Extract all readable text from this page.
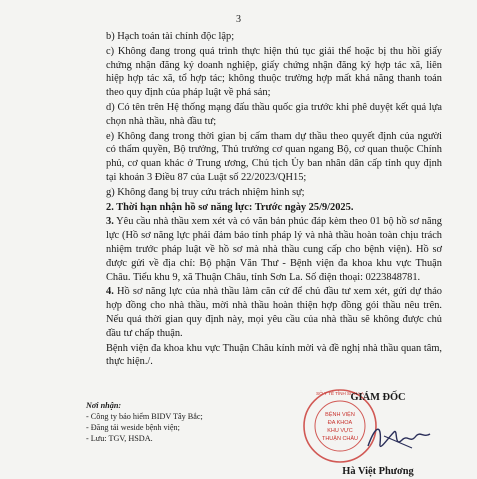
3

b) Hạch toán tài chính độc lập;

c) Không đang trong quá trình thực hiện thủ tục giải thể hoặc bị thu hồi giấy chứng nhận đăng ký doanh nghiệp, giấy chứng nhận đăng ký hợp tác xã, liên hiệp hợp tác xã, tổ hợp tác; không thuộc trường hợp mất khả năng thanh toán theo quy định của pháp luật về phá sản;

d) Có tên trên Hệ thống mạng đấu thầu quốc gia trước khi phê duyệt kết quả lựa chọn nhà thầu, nhà đầu tư;

e) Không đang trong thời gian bị cấm tham dự thầu theo quyết định của người có thẩm quyền, Bộ trưởng, Thủ trưởng cơ quan ngang Bộ, cơ quan thuộc Chính phủ, cơ quan khác ở Trung ương, Chủ tịch Ủy ban nhân dân cấp tỉnh quy định tại khoản 3 Điều 87 của Luật số 22/2023/QH15;

g) Không đang bị truy cứu trách nhiệm hình sự;

2. Thời hạn nhận hồ sơ năng lực: Trước ngày 25/9/2025.

3. Yêu cầu nhà thầu xem xét và có văn bản phúc đáp kèm theo 01 bộ hồ sơ năng lực (Hồ sơ năng lực phải đảm bảo tính pháp lý và nhà thầu hoàn toàn chịu trách nhiệm trước pháp luật về hồ sơ mà nhà thầu cung cấp cho bệnh viện). Hồ sơ được gửi về địa chỉ: Bộ phận Văn Thư - Bệnh viện đa khoa khu vực Thuận Châu. Tiểu khu 9, xã Thuận Châu, tỉnh Sơn La. Số điện thoại: 0223848781.

4. Hồ sơ năng lực của nhà thầu làm căn cứ để chủ đầu tư xem xét, gửi dự thảo hợp đồng cho nhà thầu, mời nhà thầu hoàn thiện hợp đồng gói thầu nêu trên. Nếu quá thời gian quy định này, mọi yêu cầu của nhà thầu sẽ không được chủ đầu tư chấp thuận.

Bệnh viện đa khoa khu vực Thuận Châu kính mời và đề nghị nhà thầu quan tâm, thực hiện./.

Nơi nhận:
- Công ty bảo hiểm BIDV Tây Bắc;
- Đăng tải weside bệnh viện;
- Lưu: TGV, HSDA.
BỆNH VIỆN
ĐA KHOA
KHU VỰC
THUẬN CHÂU
SỞ Y TẾ TỈNH SƠN LA
GIÁM ĐỐC
Hà Việt Phương
